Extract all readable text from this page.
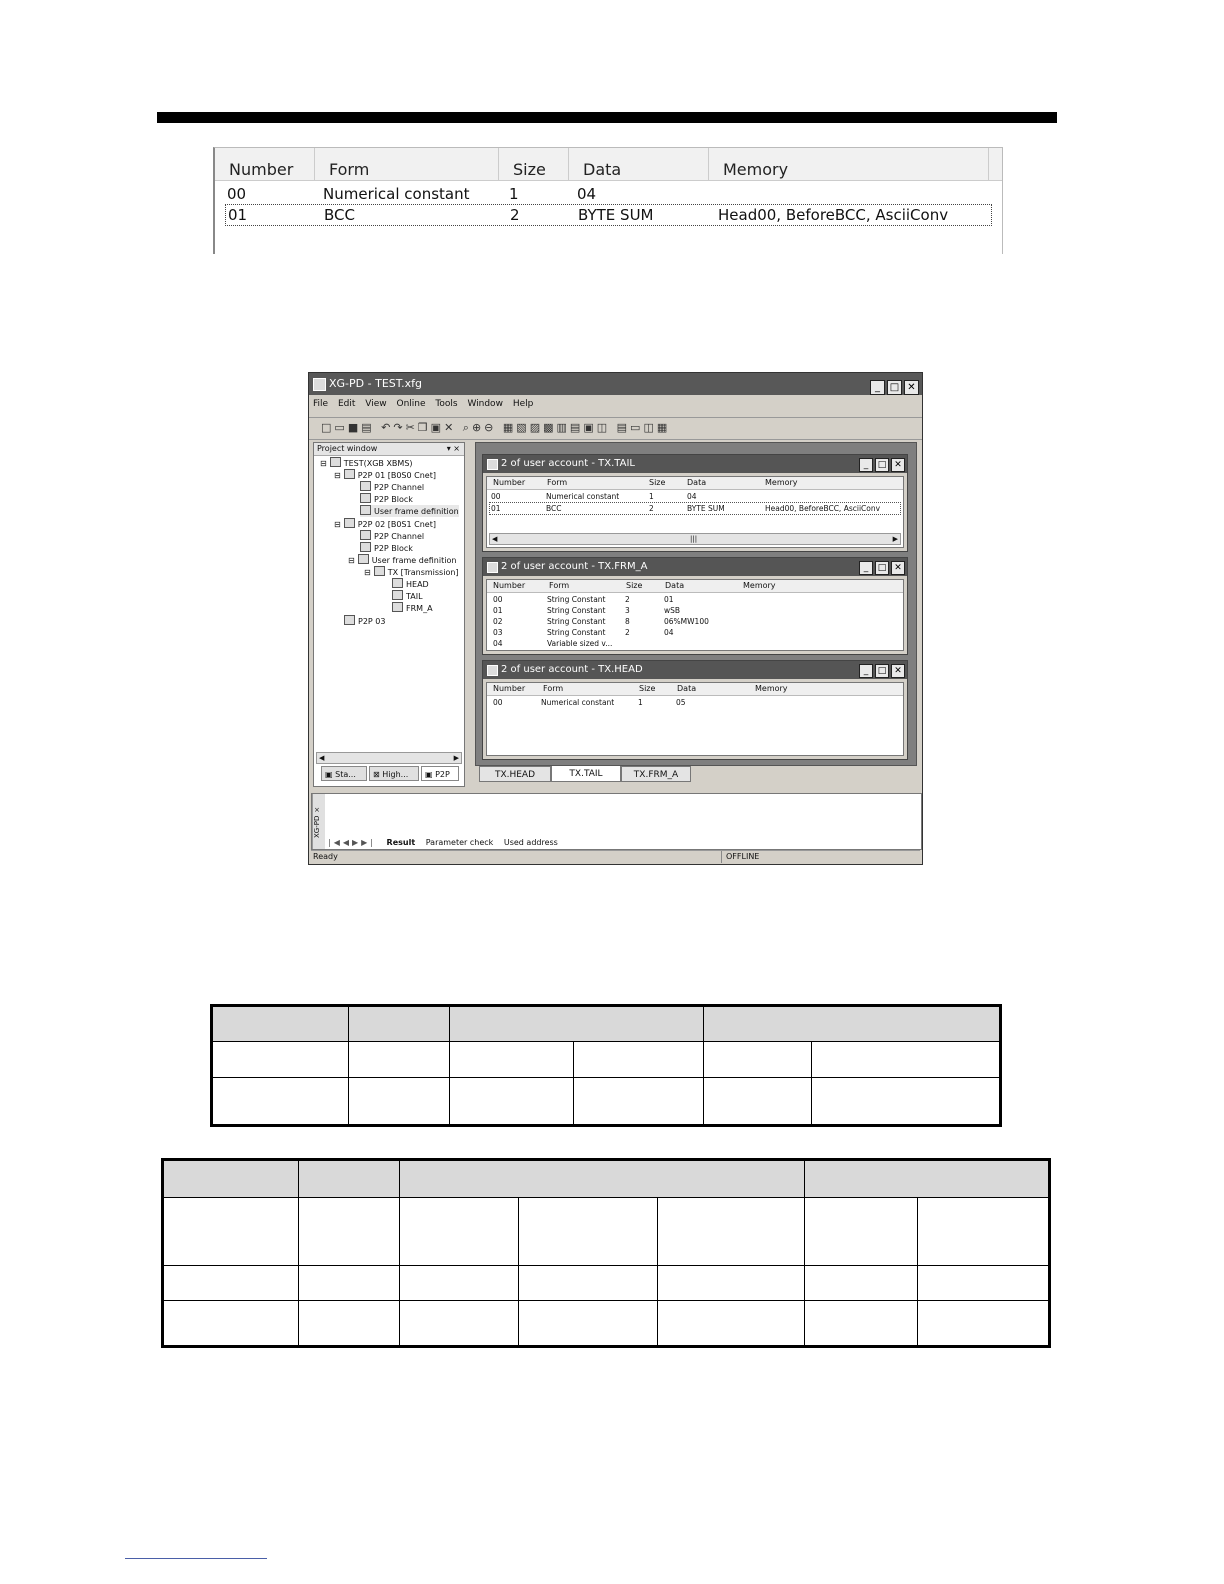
Number	Form	Size	Data	Memory
00	Numerical constant	1	04
01	BCC	2	BYTE SUM	Head00, BeforeBCC, AsciiConv
XG-PD - TEST.xfg	_ □ ✕
File Edit View Online Tools Window Help
□▭■▤ ↶↷✂❐▣✕ ⌕⊕⊖ ▦▧▨▩▥▤▣◫ ▤▭◫▦
Project window	▾ ×
⊟ TEST(XGB XBMS)
⊟ P2P 01 [B0S0 Cnet]
P2P Channel
P2P Block
User frame definition
⊟ P2P 02 [B0S1 Cnet]
P2P Channel
P2P Block
⊟ User frame definition
⊟ TX [Transmission]
HEAD
TAIL
FRM_A
P2P 03
◀	▶
▣ Sta...	⊠ High...	▣ P2P
2 of user account - TX.TAIL	_ □ ✕
Number	Form	Size	Data	Memory
00	Numerical constant	1	04
01	BCC	2	BYTE SUM	Head00, BeforeBCC, AsciiConv
◀	|||	▶
2 of user account - TX.FRM_A	_ □ ✕
Number	Form	Size	Data	Memory
00	String Constant	2	01
01	String Constant	3	wSB
02	String Constant	8	06%MW100
03	String Constant	2	04
04	Variable sized v...
2 of user account - TX.HEAD	_ □ ✕
Number Form	Size	Data	Memory
00	Numerical constant	1	05
TX.HEAD	TX.TAIL	TX.FRM_A
XG-PD ×
|◀◀▶▶| Result Parameter check Used address
Ready	OFFLINE
